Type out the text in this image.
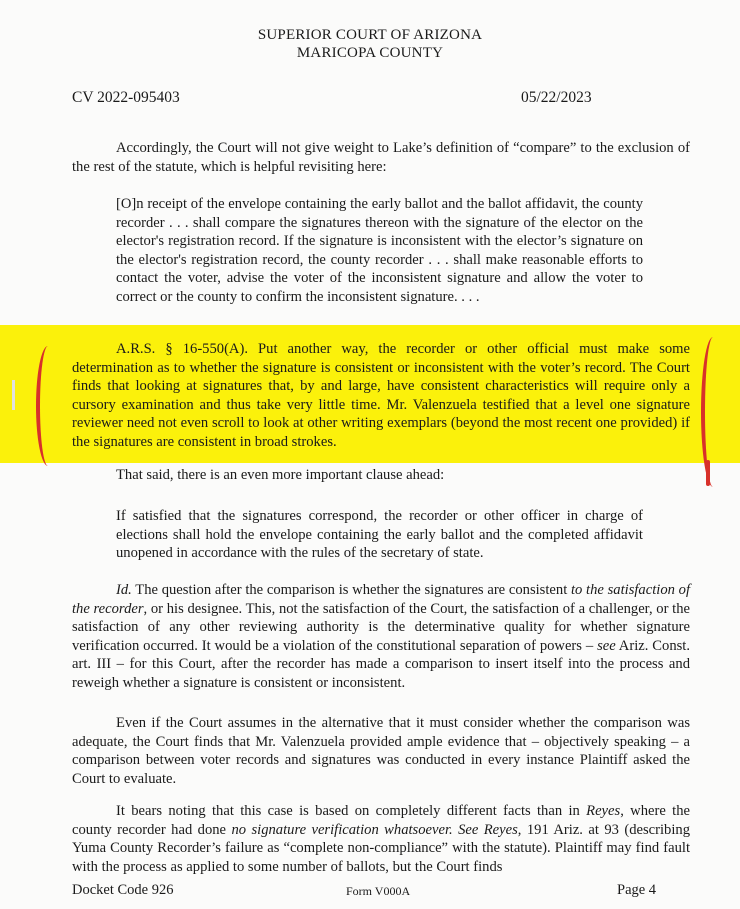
SUPERIOR COURT OF ARIZONA
MARICOPA COUNTY
CV 2022-095403	05/22/2023

Accordingly, the Court will not give weight to Lake’s definition of “compare” to the exclusion of the rest of the statute, which is helpful revisiting here:

[O]n receipt of the envelope containing the early ballot and the ballot affidavit, the county recorder . . . shall compare the signatures thereon with the signature of the elector on the elector's registration record. If the signature is inconsistent with the elector’s signature on the elector's registration record, the county recorder . . . shall make reasonable efforts to contact the voter, advise the voter of the inconsistent signature and allow the voter to correct or the county to confirm the inconsistent signature. . . .

A.R.S. § 16-550(A). Put another way, the recorder or other official must make some determination as to whether the signature is consistent or inconsistent with the voter’s record. The Court finds that looking at signatures that, by and large, have consistent characteristics will require only a cursory examination and thus take very little time. Mr. Valenzuela testified that a level one signature reviewer need not even scroll to look at other writing exemplars (beyond the most recent one provided) if the signatures are consistent in broad strokes.

That said, there is an even more important clause ahead:

If satisfied that the signatures correspond, the recorder or other officer in charge of elections shall hold the envelope containing the early ballot and the completed affidavit unopened in accordance with the rules of the secretary of state.

Id. The question after the comparison is whether the signatures are consistent to the satisfaction of the recorder, or his designee. This, not the satisfaction of the Court, the satisfaction of a challenger, or the satisfaction of any other reviewing authority is the determinative quality for whether signature verification occurred. It would be a violation of the constitutional separation of powers – see Ariz. Const. art. III – for this Court, after the recorder has made a comparison to insert itself into the process and reweigh whether a signature is consistent or inconsistent.

Even if the Court assumes in the alternative that it must consider whether the comparison was adequate, the Court finds that Mr. Valenzuela provided ample evidence that – objectively speaking – a comparison between voter records and signatures was conducted in every instance Plaintiff asked the Court to evaluate.

It bears noting that this case is based on completely different facts than in Reyes, where the county recorder had done no signature verification whatsoever. See Reyes, 191 Ariz. at 93 (describing Yuma County Recorder’s failure as “complete non-compliance” with the statute). Plaintiff may find fault with the process as applied to some number of ballots, but the Court finds

Docket Code 926	Form V000A	Page 4
